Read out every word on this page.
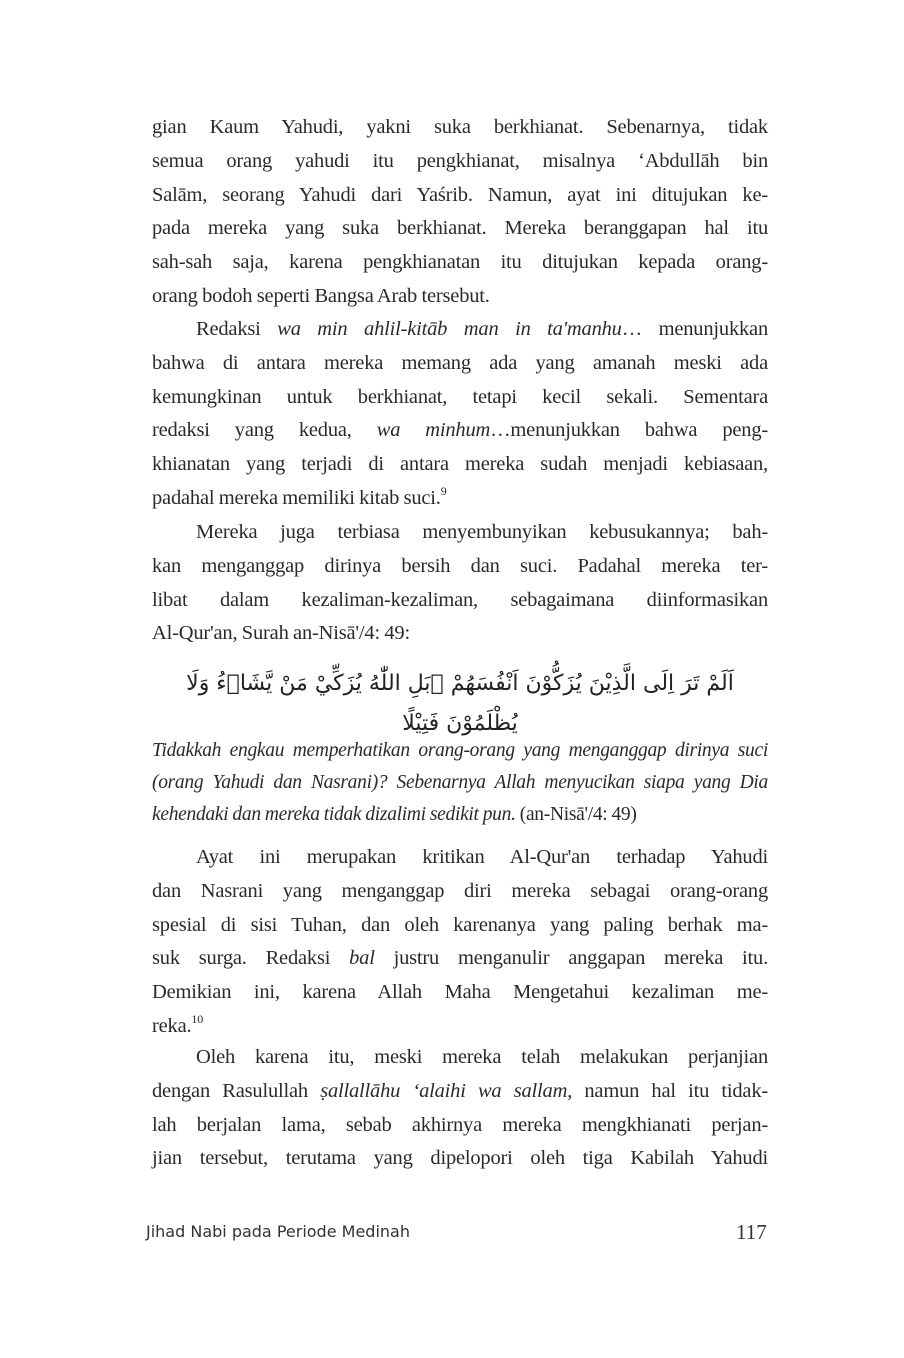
gian Kaum Yahudi, yakni suka berkhianat. Sebenarnya, tidak
semua orang yahudi itu pengkhianat, misalnya ‘Abdullāh bin
Salām, seorang Yahudi dari Yaśrib. Namun, ayat ini ditujukan ke-
pada mereka yang suka berkhianat. Mereka beranggapan hal itu
sah-sah saja, karena pengkhianatan itu ditujukan kepada orang-
orang bodoh seperti Bangsa Arab tersebut.
Redaksi wa min ahlil-kitāb man in ta'manhu… menunjukkan
bahwa di antara mereka memang ada yang amanah meski ada
kemungkinan untuk berkhianat, tetapi kecil sekali. Sementara
redaksi yang kedua, wa minhum…menunjukkan bahwa peng-
khianatan yang terjadi di antara mereka sudah menjadi kebiasaan,
padahal mereka memiliki kitab suci.$^9$
Mereka juga terbiasa menyembunyikan kebusukannya; bah-
kan menganggap dirinya bersih dan suci. Padahal mereka ter-
libat dalam kezaliman-kezaliman, sebagaimana diinformasikan
Al-Qur'an, Surah an-Nisā'/4: 49:
اَلَمْ تَرَ اِلَى الَّذِيْنَ يُزَكُّوْنَ اَنْفُسَهُمْ ۗبَلِ اللّٰهُ يُزَكِّيْ مَنْ يَّشَاۤءُ وَلَا يُظْلَمُوْنَ فَتِيْلًا
Tidakkah engkau memperhatikan orang-orang yang menganggap dirinya suci
(orang Yahudi dan Nasrani)? Sebenarnya Allah menyucikan siapa yang Dia
kehendaki dan mereka tidak dizalimi sedikit pun. (an-Nisā'/4: 49)
Ayat ini merupakan kritikan Al-Qur'an terhadap Yahudi
dan Nasrani yang menganggap diri mereka sebagai orang-orang
spesial di sisi Tuhan, dan oleh karenanya yang paling berhak ma-
suk surga. Redaksi bal justru menganulir anggapan mereka itu.
Demikian ini, karena Allah Maha Mengetahui kezaliman me-
reka.$^{10}$
Oleh karena itu, meski mereka telah melakukan perjanjian
dengan Rasulullah ṣallallāhu ‘alaihi wa sallam, namun hal itu tidak-
lah berjalan lama, sebab akhirnya mereka mengkhianati perjan-
jian tersebut, terutama yang dipelopori oleh tiga Kabilah Yahudi
Jihad Nabi pada Periode Medinah	117
